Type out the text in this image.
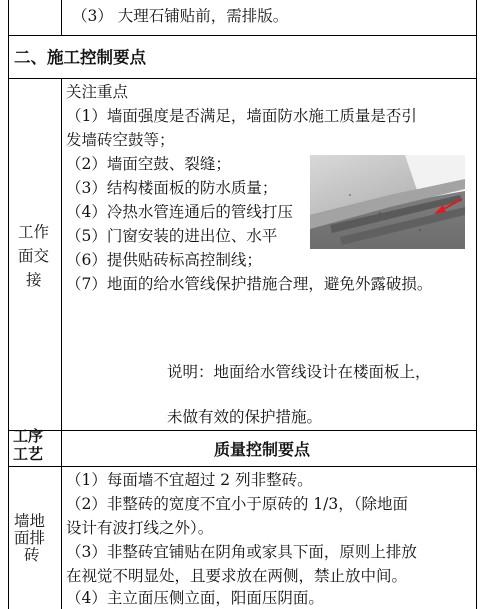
（3） 大理石铺贴前，需排版。
二、施工控制要点
工作
面交
接
关注重点
（1）墙面强度是否满足，墙面防水施工质量是否引
发墙砖空鼓等；
（2）墙面空鼓、裂缝；
（3）结构楼面板的防水质量；
（4）冷热水管连通后的管线打压
（5）门窗安装的进出位、水平
（6）提供贴砖标高控制线；
（7）地面的给水管线保护措施合理，避免外露破损。
说明：地面给水管线设计在楼面板上，
未做有效的保护措施。
工序
工艺	质量控制要点
墙地
面排
砖
（1）每面墙不宜超过 2 列非整砖。
（2）非整砖的宽度不宜小于原砖的 1/3，（除地面
设计有波打线之外）。
（3）非整砖宜铺贴在阴角或家具下面，原则上排放
在视觉不明显处，且要求放在两侧，禁止放中间。
（4）主立面压侧立面，阳面压阴面。
